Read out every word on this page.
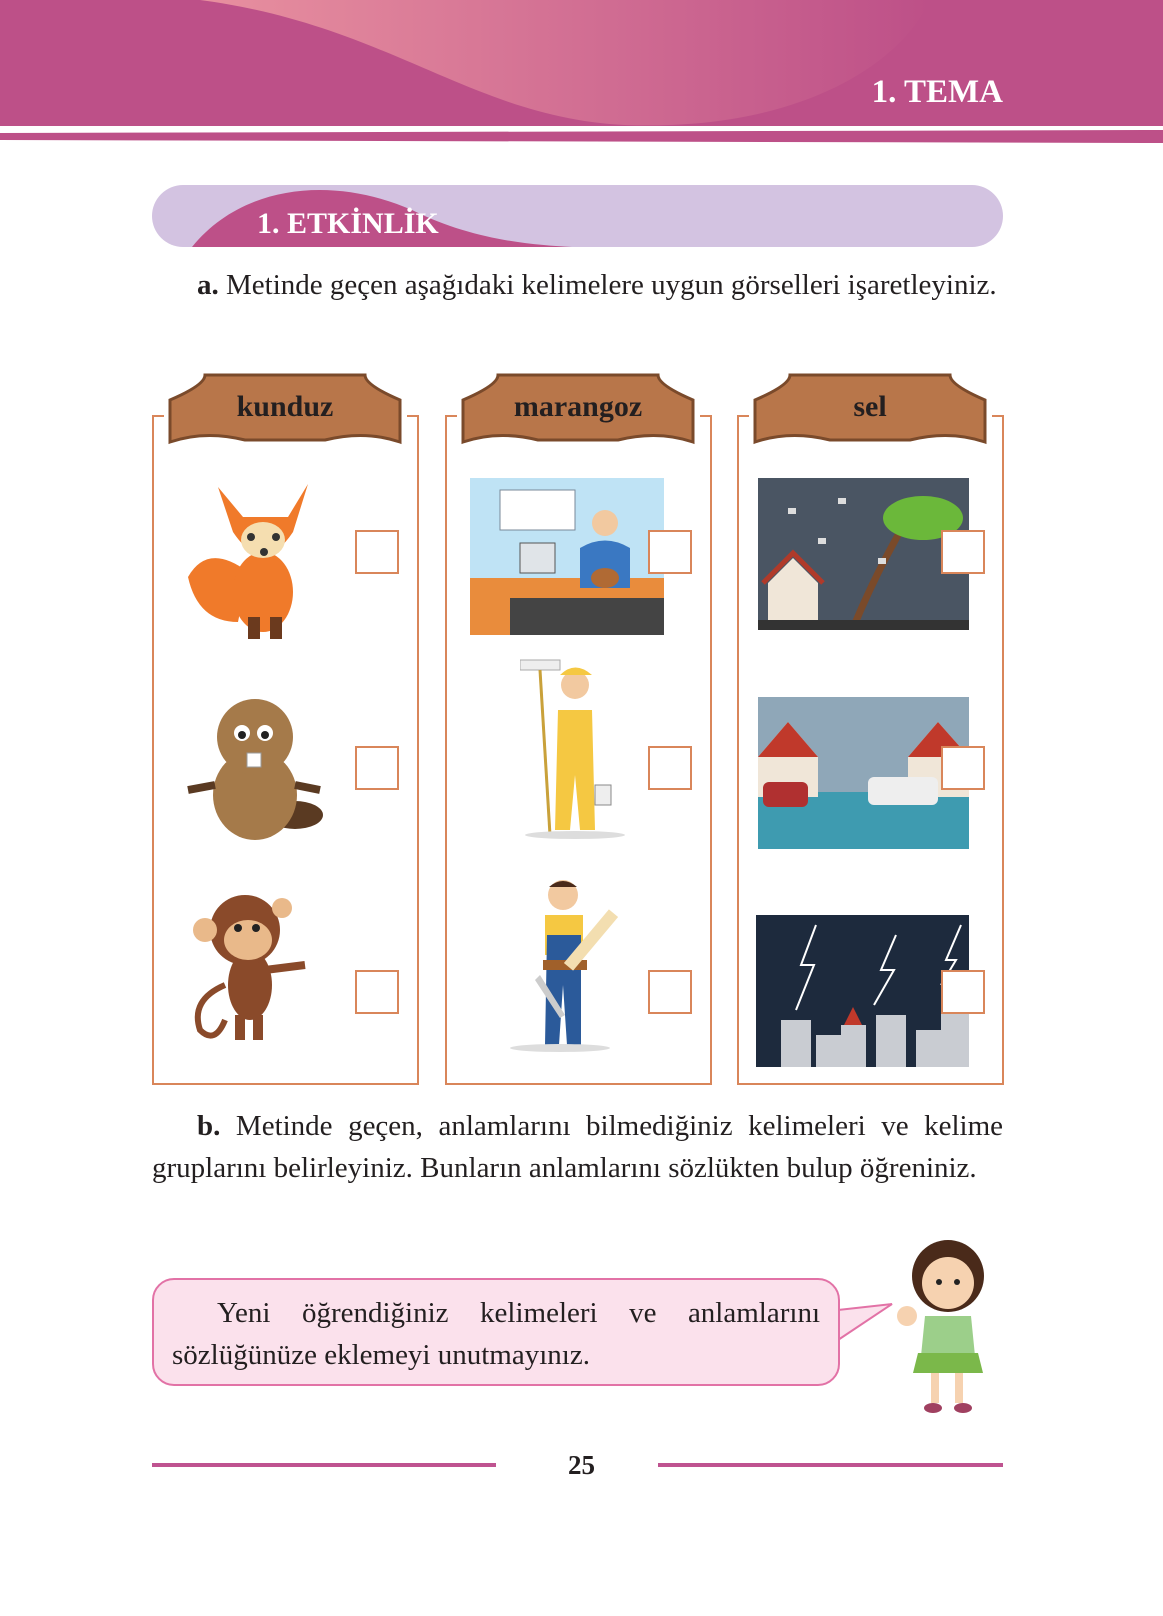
1. TEMA
1. ETKİNLİK
a. Metinde geçen aşağıdaki kelimelere uygun görselleri işaretleyiniz.
kunduz	marangoz	sel
b. Metinde geçen, anlamlarını bilmediğiniz kelimeleri ve kelime gruplarını belirleyiniz. Bunların anlamlarını sözlükten bulup öğreniniz.
Yeni öğrendiğiniz kelimeleri ve anlamlarını sözlüğünüze eklemeyi unutmayınız.
25
